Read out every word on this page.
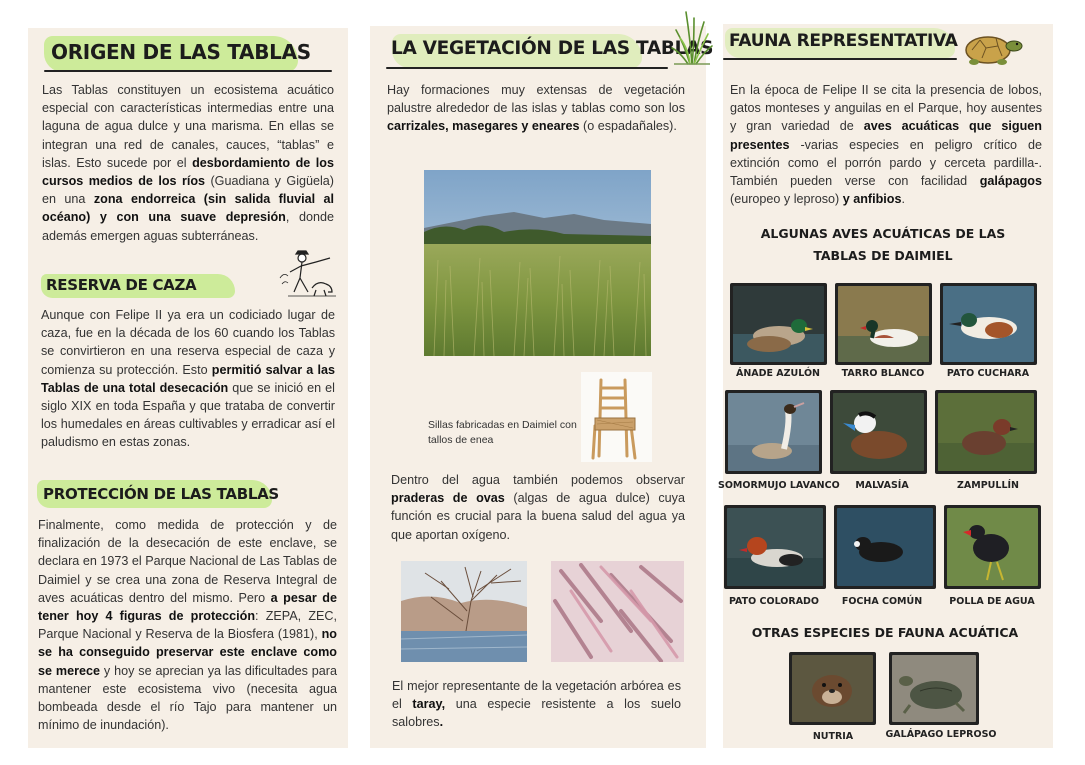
ORIGEN DE LAS TABLAS
Las Tablas constituyen un ecosistema acuático especial con características intermedias entre una laguna de agua dulce y una marisma. En ellas se integran una red de canales, cauces, “tablas” e islas. Esto sucede por el desbordamiento de los cursos medios de los ríos (Guadiana y Gigüela) en una zona endorreica (sin salida fluvial al océano) y con una suave depresión, donde además emergen aguas subterráneas.
RESERVA DE CAZA
Aunque con Felipe II ya era un codiciado lugar de caza, fue en la década de los 60 cuando los Tablas se convirtieron en una reserva especial de caza y comienza su protección. Esto permitió salvar a las Tablas de una total desecación que se inició en el siglo XIX en toda España y que trataba de convertir los humedales en áreas cultivables y erradicar así el paludismo en estas zonas.
PROTECCIÓN DE LAS TABLAS
Finalmente, como medida de protección y de finalización de la desecación de este enclave, se declara en 1973 el Parque Nacional de Las Tablas de Daimiel y se crea una zona de Reserva Integral de aves acuáticas dentro del mismo. Pero a pesar de tener hoy 4 figuras de protección: ZEPA, ZEC, Parque Nacional y Reserva de la Biosfera (1981), no se ha conseguido preservar este enclave como se merece y hoy se aprecian ya las dificultades para mantener este ecosistema vivo (necesita agua bombeada desde el río Tajo para mantener un mínimo de inundación).
LA VEGETACIÓN DE LAS TABLAS
Hay formaciones muy extensas de vegetación palustre alrededor de las islas y tablas como son los carrizales, masegares y eneares (o espadañales).
Sillas fabricadas en Daimiel con tallos de enea
Dentro del agua también podemos observar praderas de ovas (algas de agua dulce) cuya función es crucial para la buena salud del agua ya que aportan oxígeno.
El mejor representante de la vegetación arbórea es el taray, una especie resistente a los suelo salobres.
FAUNA REPRESENTATIVA
En la época de Felipe II se cita la presencia de lobos, gatos monteses y anguilas en el Parque, hoy ausentes y gran variedad de aves acuáticas que siguen presentes -varias especies en peligro crítico de extinción como el porrón pardo y cerceta pardilla-. También pueden verse con facilidad galápagos (europeo y leproso) y anfibios.
ALGUNAS AVES ACUÁTICAS DE LAS TABLAS DE DAIMIEL
ÁNADE AZULÓN	TARRO BLANCO	PATO CUCHARA
SOMORMUJO LAVANCO	MALVASÍA	ZAMPULLÍN
PATO COLORADO	FOCHA COMÚN	POLLA DE AGUA
OTRAS ESPECIES DE FAUNA ACUÁTICA
NUTRIA	GALÁPAGO LEPROSO
